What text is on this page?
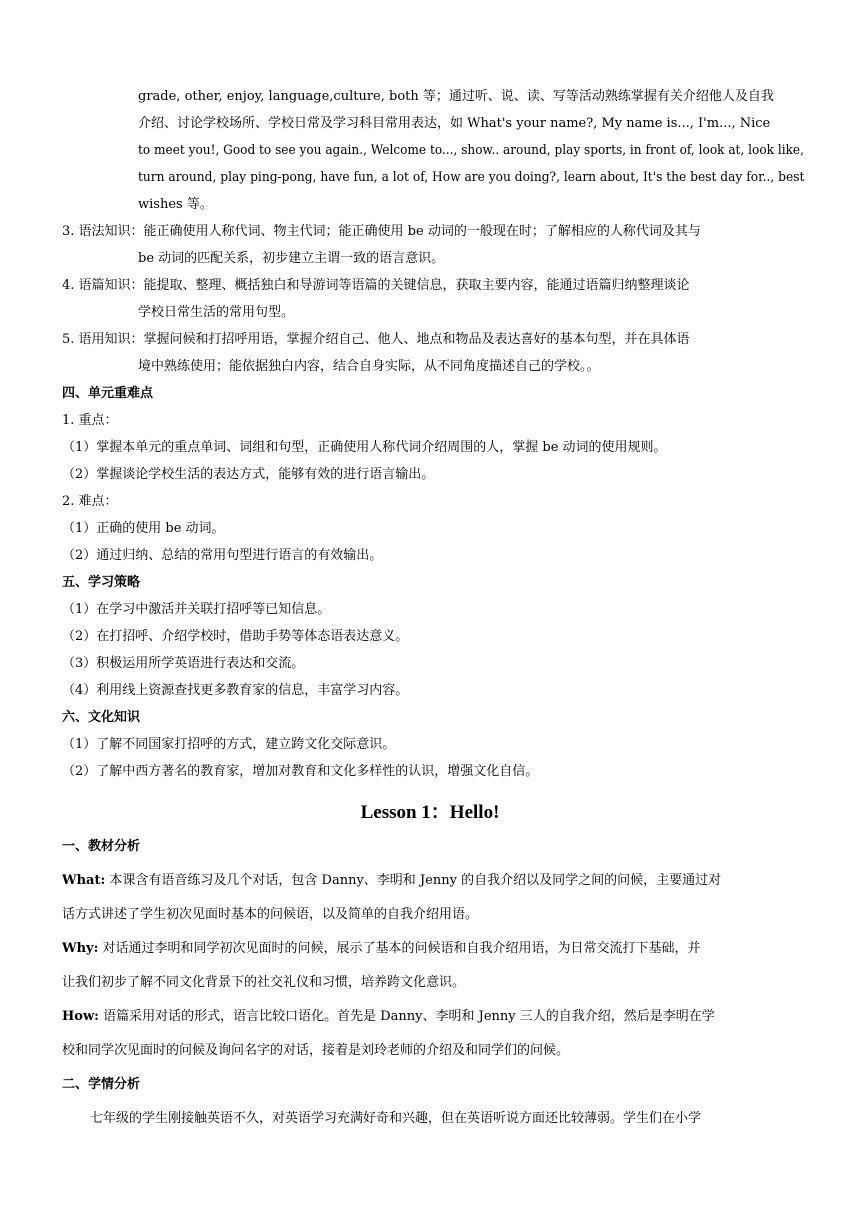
grade, other, enjoy, language,culture, both 等；通过听、说、读、写等活动熟练掌握有关介绍他人及自我
介绍、讨论学校场所、学校日常及学习科目常用表达，如 What's your name?, My name is..., I'm..., Nice
to meet you!, Good to see you again., Welcome to..., show.. around, play sports, in front of, look at, look like,
turn around, play ping-pong, have fun, a lot of, How are you doing?, learn about, It's the best day for.., best
wishes 等。
3. 语法知识：能正确使用人称代词、物主代词；能正确使用 be 动词的一般现在时；了解相应的人称代词及其与
be 动词的匹配关系，初步建立主谓一致的语言意识。
4. 语篇知识：能提取、整理、概括独白和导游词等语篇的关键信息，获取主要内容，能通过语篇归纳整理谈论
学校日常生活的常用句型。
5. 语用知识：掌握问候和打招呼用语，掌握介绍自己、他人、地点和物品及表达喜好的基本句型，并在具体语
境中熟练使用；能依据独白内容，结合自身实际，从不同角度描述自己的学校。。
四、单元重难点
1. 重点：
（1）掌握本单元的重点单词、词组和句型，正确使用人称代词介绍周围的人，掌握 be 动词的使用规则。
（2）掌握谈论学校生活的表达方式，能够有效的进行语言输出。
2. 难点：
（1）正确的使用 be 动词。
（2）通过归纳、总结的常用句型进行语言的有效输出。
五、学习策略
（1）在学习中激活并关联打招呼等已知信息。
（2）在打招呼、介绍学校时，借助手势等体态语表达意义。
（3）积极运用所学英语进行表达和交流。
（4）利用线上资源查找更多教育家的信息，丰富学习内容。
六、文化知识
（1）了解不同国家打招呼的方式，建立跨文化交际意识。
（2）了解中西方著名的教育家，增加对教育和文化多样性的认识，增强文化自信。
Lesson 1：Hello!
一、教材分析
What: 本课含有语音练习及几个对话，包含 Danny、李明和 Jenny 的自我介绍以及同学之间的问候，主要通过对
话方式讲述了学生初次见面时基本的问候语，以及简单的自我介绍用语。
Why: 对话通过李明和同学初次见面时的问候，展示了基本的问候语和自我介绍用语，为日常交流打下基础，并
让我们初步了解不同文化背景下的社交礼仪和习惯，培养跨文化意识。
How: 语篇采用对话的形式，语言比较口语化。首先是 Danny、李明和 Jenny 三人的自我介绍，然后是李明在学
校和同学次见面时的问候及询问名字的对话，接着是刘玲老师的介绍及和同学们的问候。
二、学情分析
七年级的学生刚接触英语不久，对英语学习充满好奇和兴趣，但在英语听说方面还比较薄弱。学生们在小学
